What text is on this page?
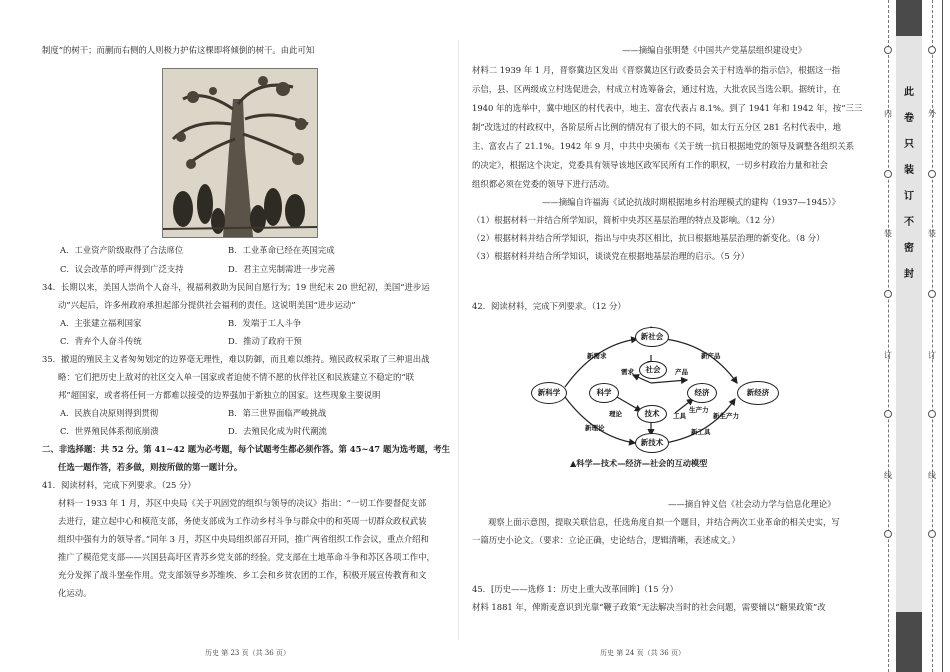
制度”的树干；而蒯而右侧的人则极力护佑这棵即将倾倒的树干。由此可知
A．工业资产阶级取得了合法席位	B．工业革命已经在英国完成
C．议会改革的呼声得到广泛支持	D．君主立宪制需进一步完善
34．长期以来，美国人崇尚个人奋斗，视福利救助为民间自愿行为；19 世纪末 20 世纪初，美国“进步运
动”兴起后，许多州政府承担起部分提供社会福利的责任。这说明美国“进步运动”
A．主张建立福利国家	B．发端于工人斗争
C．背弃个人奋斗传统	D．推动了政府干预
35．撤退的殖民主义者匆匆划定的边界毫无理性，难以防御，而且难以维持。殖民政权采取了三种退出战
略：它们把历史上敌对的社区交入单一国家或者迫使不情不愿的伙伴社区和民族建立不稳定的“联
邦”超国家，或者将任何一方都难以接受的边界强加于新独立的国家。这些现象主要说明
A．民族自决原则得到贯彻	B．第三世界面临严峻挑战
C．世界殖民体系彻底崩溃	D．去殖民化成为时代潮流
二、非选择题：共 52 分。第 41~42 题为必考题，每个试题考生都必须作答。第 45~47 题为选考题，考生
任选一题作答，若多做，则按所做的第一题计分。
41．阅读材料，完成下列要求。（25 分）
材料一 1933 年 1 月，苏区中央局《关于巩固党的组织与领导的决议》指出：“一切工作要督促支部
去进行，建立起中心和模范支部，务使支部成为工作动乡村斗争与群众中的和英周一切群众政权武装
组织中强有力的领导者。”同年 3 月，苏区中央局组织部召开同，推广两省组织工作会议，重点介绍和
推广了模范党支部——兴国县高圩区青苏乡党支部的经验。党支部在土地革命斗争和苏区各项工作中，
充分发挥了战斗堡垒作用。党支部领导乡苏维埃、乡工会和乡贫农团的工作，积极开展宣传教育和文
化运动。
历史 第 23 页（共 36 页）
——摘编自张明楚《中国共产党基层组织建设史》
材料二 1939 年 1 月，晋察冀边区发出《晋察冀边区行政委员会关于村选举的指示信》，根据这一指
示信，县、区两级成立村选促进会，村成立村选筹备会，通过村选，大批农民当选公职。据统计，在
1940 年的选举中，冀中地区的村代表中，地主、富农代表占 8.1%。到了 1941 年和 1942 年，按“三三
制”改选过的村政权中，各阶层所占比例的情况有了很大的不同，如太行五分区 281 名村代表中，地
主、富农占了 21.1%。1942 年 9 月，中共中央颁布《关于统一抗日根据地党的领导及调整各组织关系
的决定》，根据这个决定，党委具有领导该地区政军民所有工作的职权，一切乡村政治力量和社会
组织都必须在党委的领导下进行活动。
——摘编自许福海《试论抗战时期根据地乡村治理模式的建构（1937—1945）》
（1）根据材料一并结合所学知识，简析中央苏区基层治理的特点及影响。（12 分）
（2）根据材料并结合所学知识，指出与中央苏区相比，抗日根据地基层治理的新变化。（8 分）
（3）根据材料并结合所学知识，谈谈党在根据地基层治理的启示。（5 分）
42．阅读材料，完成下列要求。（12 分）
——摘自钟义信《社会动力学与信息化理论》
观察上面示意图，提取关联信息，任选角度自拟一个题目，并结合两次工业革命的相关史实，写
一篇历史小论文。（要求：立论正确，史论结合，逻辑清晰，表述成文。）
45．[历史——选修 1：历史上重大改革回眸]（15 分）
材料 1881 年，俾斯麦意识到光靠“鞭子政策”无法解决当时的社会问题，需要辅以“糖果政策”改
历史 第 24 页（共 36 页）
新社会
社会
科学	经济
新科学	新经济
技术
新技术
新需求	新产品
需求	产品
理论	工具
生产力
新生产力
新理论	新工具
▲科学—技术—经济—社会的互动模型
内
装
订
线
外
装
订
线
此
卷
只
装
订
不
密
封
